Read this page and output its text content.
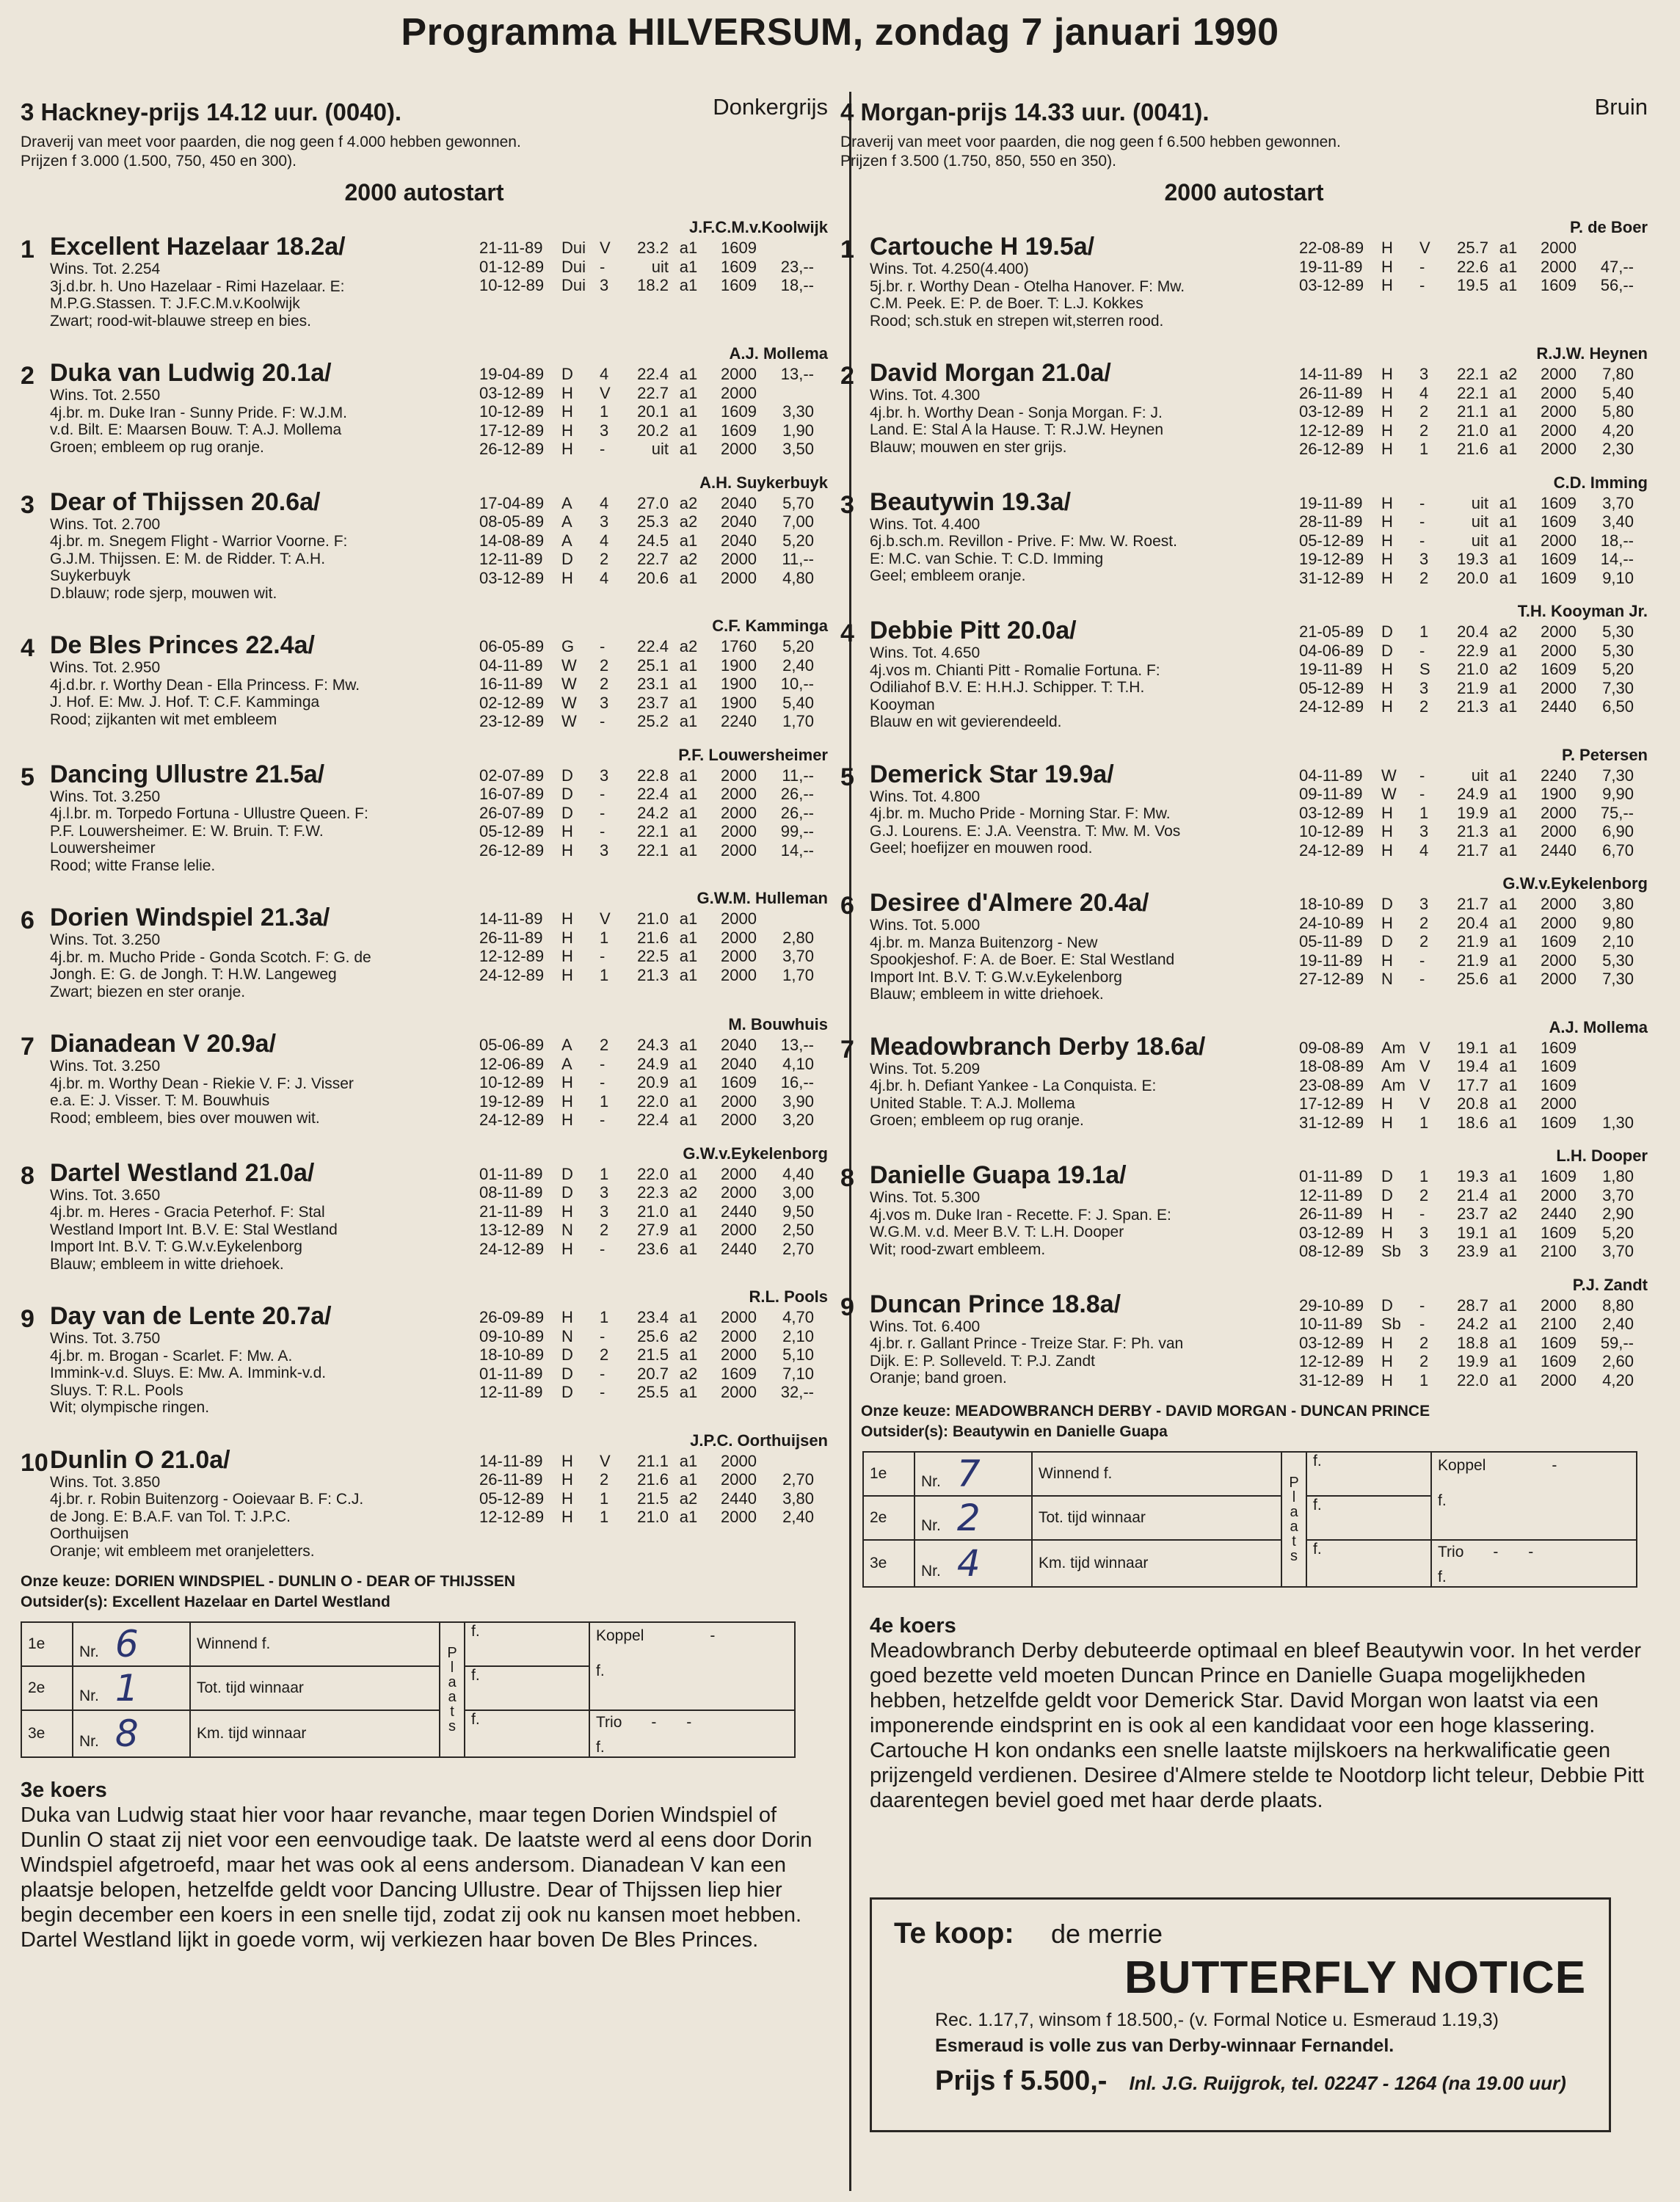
Programma HILVERSUM, zondag 7 januari 1990
3 Hackney-prijs 14.12 uur. (0040).	Donkergrijs
Draverij van meet voor paarden, die nog geen f 4.000 hebben gewonnen.
Prijzen f 3.000 (1.500, 750, 450 en 300).
2000 autostart
1 Excellent Hazelaar 18.2a/
Wins. Tot. 2.254
3j.d.br. h. Uno Hazelaar - Rimi Hazelaar. E:
M.P.G.Stassen. T: J.F.C.M.v.Koolwijk
Zwart; rood-wit-blauwe streep en bies.
J.F.C.M.v.Koolwijk
21-11-89	Dui V	23.2 a1	1609
01-12-89	Dui -	uit a1	1609	23,--
10-12-89	Dui 3	18.2 a1	1609	18,--
2 Duka van Ludwig 20.1a/
Wins. Tot. 2.550
4j.br. m. Duke Iran - Sunny Pride. F: W.J.M.
v.d. Bilt. E: Maarsen Bouw. T: A.J. Mollema
Groen; embleem op rug oranje.
A.J. Mollema
19-04-89	D	4	22.4 a1	2000	13,--
03-12-89	H	V	22.7 a1	2000
10-12-89	H	1	20.1 a1	1609	3,30
17-12-89	H	3	20.2 a1	1609	1,90
26-12-89	H	-	uit a1	2000	3,50
3 Dear of Thijssen 20.6a/
Wins. Tot. 2.700
4j.br. m. Snegem Flight - Warrior Voorne. F:
G.J.M. Thijssen. E: M. de Ridder. T: A.H.
Suykerbuyk
D.blauw; rode sjerp, mouwen wit.
A.H. Suykerbuyk
17-04-89	A	4	27.0 a2	2040	5,70
08-05-89	A	3	25.3 a2	2040	7,00
14-08-89	A	4	24.5 a1	2040	5,20
12-11-89	D	2	22.7 a2	2000	11,--
03-12-89	H	4	20.6 a1	2000	4,80
4 De Bles Princes 22.4a/
Wins. Tot. 2.950
4j.d.br. r. Worthy Dean - Ella Princess. F: Mw.
J. Hof. E: Mw. J. Hof. T: C.F. Kamminga
Rood; zijkanten wit met embleem
C.F. Kamminga
06-05-89	G	-	22.4 a2	1760	5,20
04-11-89	W	2	25.1 a1	1900	2,40
16-11-89	W	2	23.1 a1	1900	10,--
02-12-89	W	3	23.7 a1	1900	5,40
23-12-89	W	-	25.2 a1	2240	1,70
5 Dancing Ullustre 21.5a/
Wins. Tot. 3.250
4j.l.br. m. Torpedo Fortuna - Ullustre Queen. F:
P.F. Louwersheimer. E: W. Bruin. T: F.W.
Louwersheimer
Rood; witte Franse lelie.
P.F. Louwersheimer
02-07-89	D	3	22.8 a1	2000	11,--
16-07-89	D	-	22.4 a1	2000	26,--
26-07-89	D	-	24.2 a1	2000	26,--
05-12-89	H	-	22.1 a1	2000	99,--
26-12-89	H	3	22.1 a1	2000	14,--
6 Dorien Windspiel 21.3a/
Wins. Tot. 3.250
4j.br. m. Mucho Pride - Gonda Scotch. F: G. de
Jongh. E: G. de Jongh. T: H.W. Langeweg
Zwart; biezen en ster oranje.
G.W.M. Hulleman
14-11-89	H	V	21.0 a1	2000
26-11-89	H	1	21.6 a1	2000	2,80
12-12-89	H	-	22.5 a1	2000	3,70
24-12-89	H	1	21.3 a1	2000	1,70
7 Dianadean V 20.9a/
Wins. Tot. 3.250
4j.br. m. Worthy Dean - Riekie V. F: J. Visser
e.a. E: J. Visser. T: M. Bouwhuis
Rood; embleem, bies over mouwen wit.
M. Bouwhuis
05-06-89	A	2	24.3 a1	2040	13,--
12-06-89	A	-	24.9 a1	2040	4,10
10-12-89	H	-	20.9 a1	1609	16,--
19-12-89	H	1	22.0 a1	2000	3,90
24-12-89	H	-	22.4 a1	2000	3,20
8 Dartel Westland 21.0a/
Wins. Tot. 3.650
4j.br. m. Heres - Gracia Peterhof. F: Stal
Westland Import Int. B.V. E: Stal Westland
Import Int. B.V. T: G.W.v.Eykelenborg
Blauw; embleem in witte driehoek.
G.W.v.Eykelenborg
01-11-89	D	1	22.0 a1	2000	4,40
08-11-89	D	3	22.3 a2	2000	3,00
21-11-89	H	3	21.0 a1	2440	9,50
13-12-89	N	2	27.9 a1	2000	2,50
24-12-89	H	-	23.6 a1	2440	2,70
9 Day van de Lente 20.7a/
Wins. Tot. 3.750
4j.br. m. Brogan - Scarlet. F: Mw. A.
Immink-v.d. Sluys. E: Mw. A. Immink-v.d.
Sluys. T: R.L. Pools
Wit; olympische ringen.
R.L. Pools
26-09-89	H	1	23.4 a1	2000	4,70
09-10-89	N	-	25.6 a2	2000	2,10
18-10-89	D	2	21.5 a1	2000	5,10
01-11-89	D	-	20.7 a2	1609	7,10
12-11-89	D	-	25.5 a1	2000	32,--
10 Dunlin O 21.0a/
Wins. Tot. 3.850
4j.br. r. Robin Buitenzorg - Ooievaar B. F: C.J.
de Jong. E: B.A.F. van Tol. T: J.P.C.
Oorthuijsen
Oranje; wit embleem met oranjeletters.
J.P.C. Oorthuijsen
14-11-89	H	V	21.1 a1	2000
26-11-89	H	2	21.6 a1	2000	2,70
05-12-89	H	1	21.5 a2	2440	3,80
12-12-89	H	1	21.0 a1	2000	2,40
Onze keuze: DORIEN WINDSPIEL - DUNLIN O - DEAR OF THIJSSEN
Outsider(s): Excellent Hazelaar en Dartel Westland
1e	Nr. 6	Winnend f.	Plaats	f.	Koppel -
f.

2e	Nr. 1	Tot. tijd winnaar		f.	
3e	Nr. 8	Km. tijd winnaar		f.	Trio -       -
f.
3e koers
Duka van Ludwig staat hier voor haar revanche, maar tegen Dorien Windspiel of Dunlin O staat zij niet voor een eenvoudige taak. De laatste werd al eens door Dorin Windspiel afgetroefd, maar het was ook al eens andersom. Dianadean V kan een plaatsje belopen, hetzelfde geldt voor Dancing Ullustre. Dear of Thijssen liep hier begin december een koers in een snelle tijd, zodat zij ook nu kansen moet hebben. Dartel Westland lijkt in goede vorm, wij verkiezen haar boven De Bles Princes.
4 Morgan-prijs 14.33 uur. (0041).	Bruin
Draverij van meet voor paarden, die nog geen f 6.500 hebben gewonnen.
Prijzen f 3.500 (1.750, 850, 550 en 350).
2000 autostart
1 Cartouche H 19.5a/
Wins. Tot. 4.250(4.400)
5j.br. r. Worthy Dean - Otelha Hanover. F: Mw.
C.M. Peek. E: P. de Boer. T: L.J. Kokkes
Rood; sch.stuk en strepen wit,sterren rood.
P. de Boer
22-08-89	H	V	25.7 a1	2000
19-11-89	H	-	22.6 a1	2000	47,--
03-12-89	H	-	19.5 a1	1609	56,--
2 David Morgan 21.0a/
Wins. Tot. 4.300
4j.br. h. Worthy Dean - Sonja Morgan. F: J.
Land. E: Stal A la Hause. T: R.J.W. Heynen
Blauw; mouwen en ster grijs.
R.J.W. Heynen
14-11-89	H	3	22.1 a2	2000	7,80
26-11-89	H	4	22.1 a1	2000	5,40
03-12-89	H	2	21.1 a1	2000	5,80
12-12-89	H	2	21.0 a1	2000	4,20
26-12-89	H	1	21.6 a1	2000	2,30
3 Beautywin 19.3a/
Wins. Tot. 4.400
6j.b.sch.m. Revillon - Prive. F: Mw. W. Roest.
E: M.C. van Schie. T: C.D. Imming
Geel; embleem oranje.
C.D. Imming
19-11-89	H	-	uit a1	1609	3,70
28-11-89	H	-	uit a1	1609	3,40
05-12-89	H	-	uit a1	2000	18,--
19-12-89	H	3	19.3 a1	1609	14,--
31-12-89	H	2	20.0 a1	1609	9,10
4 Debbie Pitt 20.0a/
Wins. Tot. 4.650
4j.vos m. Chianti Pitt - Romalie Fortuna. F:
Odiliahof B.V. E: H.H.J. Schipper. T: T.H.
Kooyman
Blauw en wit gevierendeeld.
T.H. Kooyman Jr.
21-05-89	D	1	20.4 a2	2000	5,30
04-06-89	D	-	22.9 a1	2000	5,30
19-11-89	H	S	21.0 a2	1609	5,20
05-12-89	H	3	21.9 a1	2000	7,30
24-12-89	H	2	21.3 a1	2440	6,50
5 Demerick Star 19.9a/
Wins. Tot. 4.800
4j.br. m. Mucho Pride - Morning Star. F: Mw.
G.J. Lourens. E: J.A. Veenstra. T: Mw. M. Vos
Geel; hoefijzer en mouwen rood.
P. Petersen
04-11-89	W	-	uit a1	2240	7,30
09-11-89	W	-	24.9 a1	1900	9,90
03-12-89	H	1	19.9 a1	2000	75,--
10-12-89	H	3	21.3 a1	2000	6,90
24-12-89	H	4	21.7 a1	2440	6,70
6 Desiree d'Almere 20.4a/
Wins. Tot. 5.000
4j.br. m. Manza Buitenzorg - New
Spookjeshof. F: A. de Boer. E: Stal Westland
Import Int. B.V. T: G.W.v.Eykelenborg
Blauw; embleem in witte driehoek.
G.W.v.Eykelenborg
18-10-89	D	3	21.7 a1	2000	3,80
24-10-89	H	2	20.4 a1	2000	9,80
05-11-89	D	2	21.9 a1	1609	2,10
19-11-89	H	-	21.9 a1	2000	5,30
27-12-89	N	-	25.6 a1	2000	7,30
7 Meadowbranch Derby 18.6a/
Wins. Tot. 5.209
4j.br. h. Defiant Yankee - La Conquista. E:
United Stable. T: A.J. Mollema
Groen; embleem op rug oranje.
A.J. Mollema
09-08-89	Am V	19.1 a1	1609
18-08-89	Am V	19.4 a1	1609
23-08-89	Am V	17.7 a1	1609
17-12-89	H	V	20.8 a1	2000
31-12-89	H	1	18.6 a1	1609	1,30
8 Danielle Guapa 19.1a/
Wins. Tot. 5.300
4j.vos m. Duke Iran - Recette. F: J. Span. E:
W.G.M. v.d. Meer B.V. T: L.H. Dooper
Wit; rood-zwart embleem.
L.H. Dooper
01-11-89	D	1	19.3 a1	1609	1,80
12-11-89	D	2	21.4 a1	2000	3,70
26-11-89	H	-	23.7 a2	2440	2,90
03-12-89	H	3	19.1 a1	1609	5,20
08-12-89	Sb	3	23.9 a1	2100	3,70
9 Duncan Prince 18.8a/
Wins. Tot. 6.400
4j.br. r. Gallant Prince - Treize Star. F: Ph. van
Dijk. E: P. Solleveld. T: P.J. Zandt
Oranje; band groen.
P.J. Zandt
29-10-89	D	-	28.7 a1	2000	8,80
10-11-89	Sb	-	24.2 a1	2100	2,40
03-12-89	H	2	18.8 a1	1609	59,--
12-12-89	H	2	19.9 a1	1609	2,60
31-12-89	H	1	22.0 a1	2000	4,20
Onze keuze: MEADOWBRANCH DERBY - DAVID MORGAN - DUNCAN PRINCE
Outsider(s): Beautywin en Danielle Guapa
1e	Nr. 7	Winnend f.	Plaats	f.	Koppel -
f.

2e	Nr. 2	Tot. tijd winnaar		f.	
3e	Nr. 4	Km. tijd winnaar		f.	Trio -       -
f.
4e koers
Meadowbranch Derby debuteerde optimaal en bleef Beautywin voor. In het verder goed bezette veld moeten Duncan Prince en Danielle Guapa mogelijkheden hebben, hetzelfde geldt voor Demerick Star. David Morgan won laatst via een imponerende eindsprint en is ook al een kandidaat voor een hoge klassering. Cartouche H kon ondanks een snelle laatste mijlskoers na herkwalificatie geen prijzengeld verdienen. Desiree d'Almere stelde te Nootdorp licht teleur, Debbie Pitt daarentegen beviel goed met haar derde plaats.
Te koop:	de merrie
BUTTERFLY NOTICE
Rec. 1.17,7, winsom f 18.500,- (v. Formal Notice u. Esmeraud 1.19,3)
Esmeraud is volle zus van Derby-winnaar Fernandel.
Prijs f 5.500,- Inl. J.G. Ruijgrok, tel. 02247 - 1264 (na 19.00 uur)
